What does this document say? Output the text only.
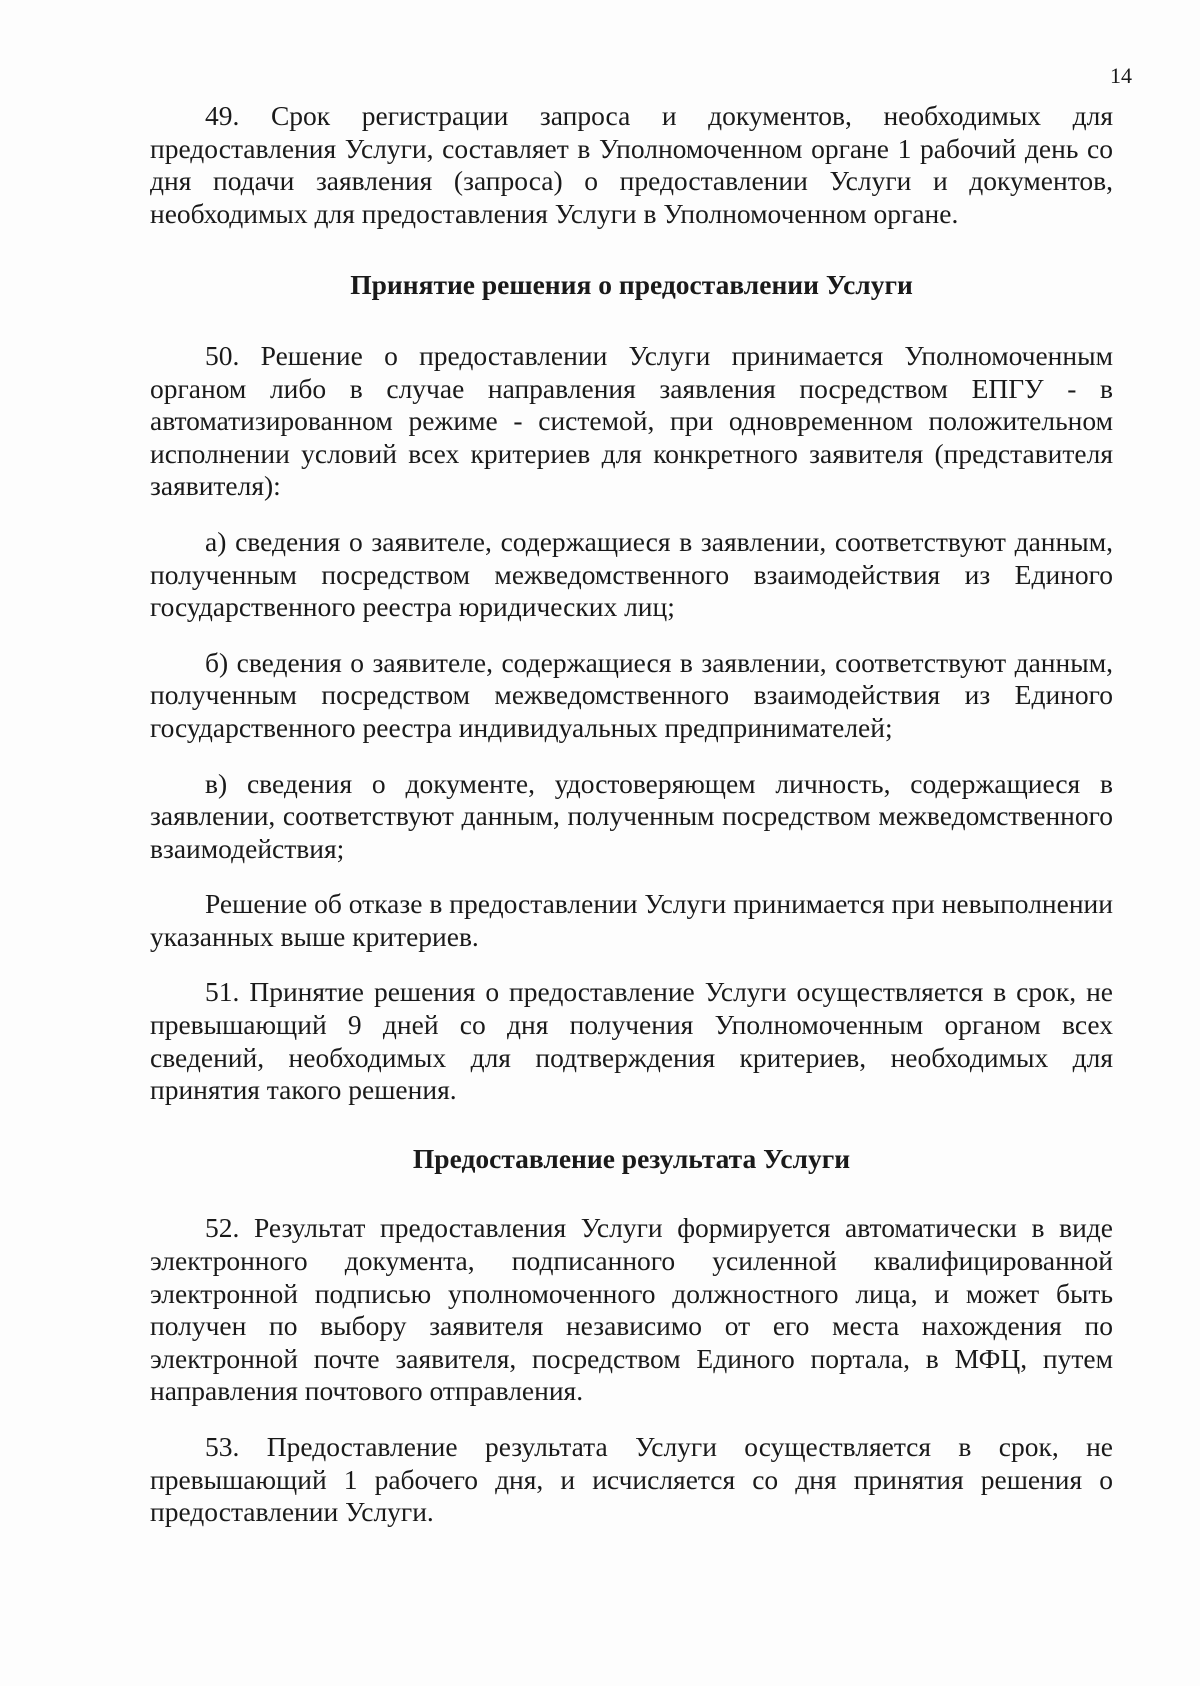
14

49. Срок регистрации запроса и документов, необходимых для предоставления Услуги, составляет в Уполномоченном органе 1 рабочий день со дня подачи заявления (запроса) о предоставлении Услуги и документов, необходимых для предоставления Услуги в Уполномоченном органе.

Принятие решения о предоставлении Услуги

50. Решение о предоставлении Услуги принимается Уполномоченным органом либо в случае направления заявления посредством ЕПГУ - в автоматизированном режиме - системой, при одновременном положительном исполнении условий всех критериев для конкретного заявителя (представителя заявителя):

а) сведения о заявителе, содержащиеся в заявлении, соответствуют данным, полученным посредством межведомственного взаимодействия из Единого государственного реестра юридических лиц;

б) сведения о заявителе, содержащиеся в заявлении, соответствуют данным, полученным посредством межведомственного взаимодействия из Единого государственного реестра индивидуальных предпринимателей;

в) сведения о документе, удостоверяющем личность, содержащиеся в заявлении, соответствуют данным, полученным посредством межведомственного взаимодействия;

Решение об отказе в предоставлении Услуги принимается при невыполнении указанных выше критериев.

51. Принятие решения о предоставление Услуги осуществляется в срок, не превышающий 9 дней со дня получения Уполномоченным органом всех сведений, необходимых для подтверждения критериев, необходимых для принятия такого решения.

Предоставление результата Услуги

52. Результат предоставления Услуги формируется автоматически в виде электронного документа, подписанного усиленной квалифицированной электронной подписью уполномоченного должностного лица, и может быть получен по выбору заявителя независимо от его места нахождения по электронной почте заявителя, посредством Единого портала, в МФЦ, путем направления почтового отправления.

53. Предоставление результата Услуги осуществляется в срок, не превышающий 1 рабочего дня, и исчисляется со дня принятия решения о предоставлении Услуги.
